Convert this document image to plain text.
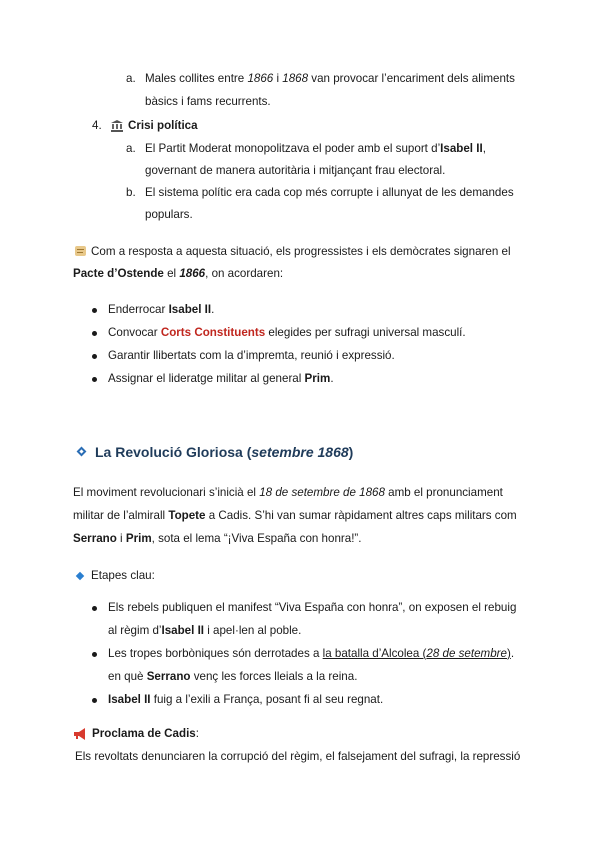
a. Males collites entre 1866 i 1868 van provocar l’encariment dels aliments
bàsics i fams recurrents.
4. Crisi política
a. El Partit Moderat monopolitzava el poder amb el suport d’Isabel II,
governant de manera autoritària i mitjançant frau electoral.
b. El sistema polític era cada cop més corrupte i allunyat de les demandes
populars.
Com a resposta a aquesta situació, els progressistes i els demòcrates signaren el
Pacte d’Ostende el 1866, on acordaren:
Enderrocar Isabel II.
Convocar Corts Constituents elegides per sufragi universal masculí.
Garantir llibertats com la d’impremta, reunió i expressió.
Assignar el lideratge militar al general Prim.
La Revolució Gloriosa (setembre 1868)
El moviment revolucionari s’inicià el 18 de setembre de 1868 amb el pronunciament
militar de l’almirall Topete a Cadis. S’hi van sumar ràpidament altres caps militars com
Serrano i Prim, sota el lema “¡Viva España con honra!”.
Etapes clau:
Els rebels publiquen el manifest “Viva España con honra”, on exposen el rebuig
al règim d’Isabel II i apel·len al poble.
Les tropes borbòniques són derrotades a la batalla d’Alcolea (28 de setembre).
en què Serrano venç les forces lleials a la reina.
Isabel II fuig a l’exili a França, posant fi al seu regnat.
Proclama de Cadis:
Els revoltats denunciaren la corrupció del règim, el falsejament del sufragi, la repressió
